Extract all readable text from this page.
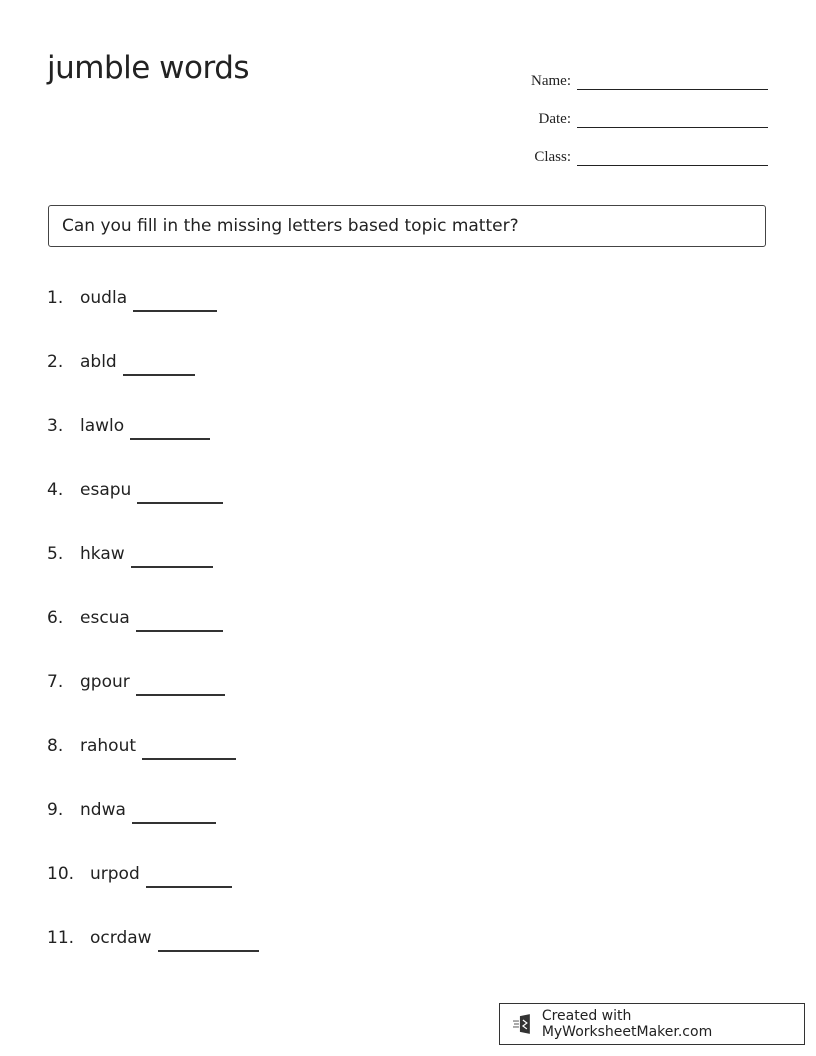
jumble words	Name:
Date:
Class:
Can you fill in the missing letters based topic matter?
1. oudla
2. abld
3. lawlo
4. esapu
5. hkaw
6. escua
7. gpour
8. rahout
9. ndwa
10. urpod
11. ocrdaw
Created with MyWorksheetMaker.com
